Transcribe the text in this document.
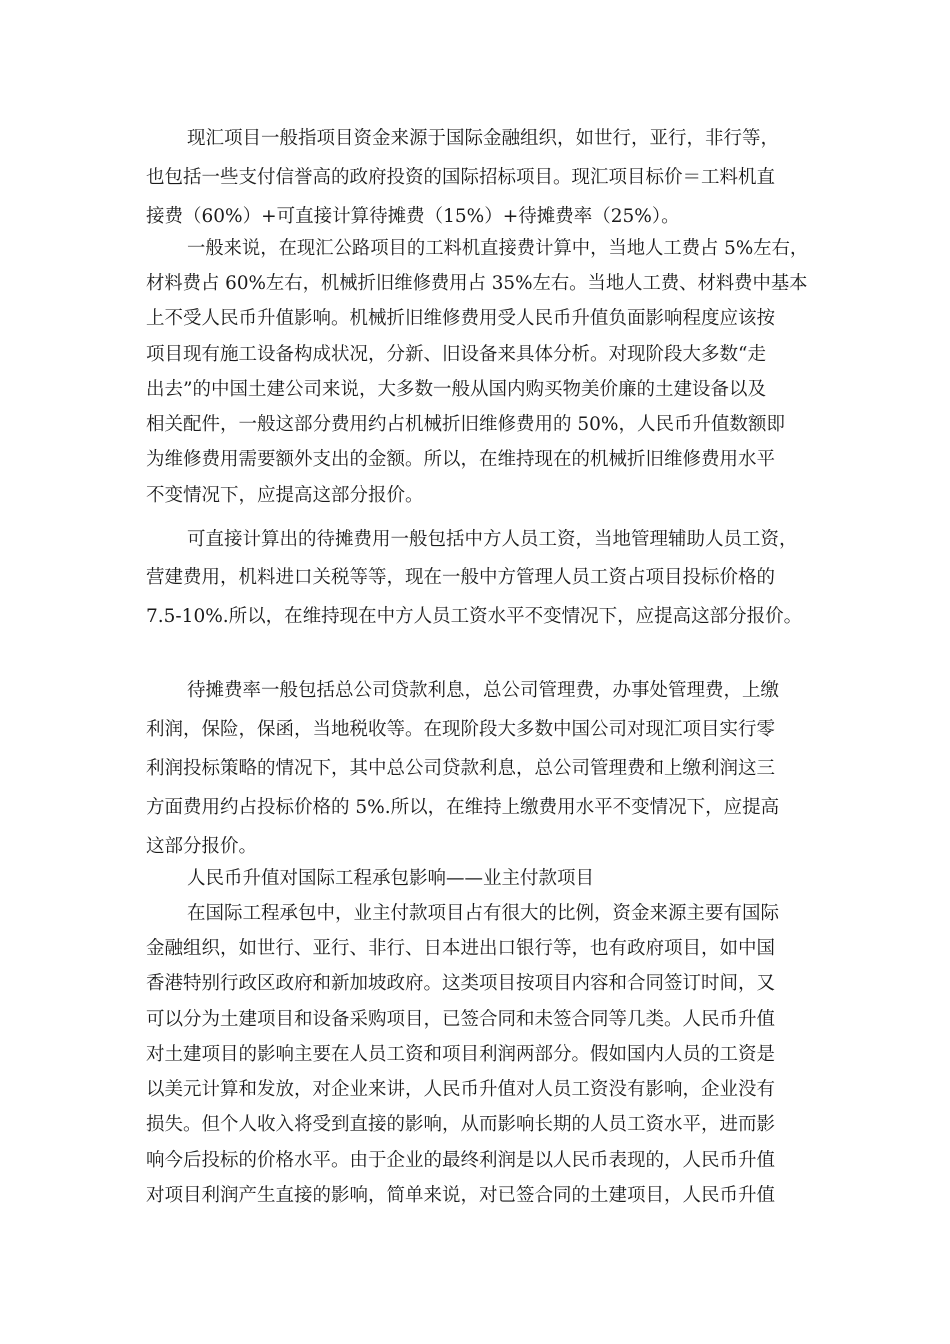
现汇项目一般指项目资金来源于国际金融组织，如世行，亚行，非行等，
也包括一些支付信誉高的政府投资的国际招标项目。现汇项目标价＝工料机直
接费（60%）+可直接计算待摊费（15%）+待摊费率（25%）。
一般来说，在现汇公路项目的工料机直接费计算中，当地人工费占 5%左右，
材料费占 60%左右，机械折旧维修费用占 35%左右。当地人工费、材料费中基本
上不受人民币升值影响。机械折旧维修费用受人民币升值负面影响程度应该按
项目现有施工设备构成状况，分新、旧设备来具体分析。对现阶段大多数“走
出去”的中国土建公司来说，大多数一般从国内购买物美价廉的土建设备以及
相关配件，一般这部分费用约占机械折旧维修费用的 50%，人民币升值数额即
为维修费用需要额外支出的金额。所以，在维持现在的机械折旧维修费用水平
不变情况下，应提高这部分报价。
可直接计算出的待摊费用一般包括中方人员工资，当地管理辅助人员工资，
营建费用，机料进口关税等等，现在一般中方管理人员工资占项目投标价格的
7.5-10%.所以，在维持现在中方人员工资水平不变情况下，应提高这部分报价。
待摊费率一般包括总公司贷款利息，总公司管理费，办事处管理费，上缴
利润，保险，保函，当地税收等。在现阶段大多数中国公司对现汇项目实行零
利润投标策略的情况下，其中总公司贷款利息，总公司管理费和上缴利润这三
方面费用约占投标价格的 5%.所以，在维持上缴费用水平不变情况下，应提高
这部分报价。
人民币升值对国际工程承包影响——业主付款项目
在国际工程承包中，业主付款项目占有很大的比例，资金来源主要有国际
金融组织，如世行、亚行、非行、日本进出口银行等，也有政府项目，如中国
香港特别行政区政府和新加坡政府。这类项目按项目内容和合同签订时间，又
可以分为土建项目和设备采购项目，已签合同和未签合同等几类。人民币升值
对土建项目的影响主要在人员工资和项目利润两部分。假如国内人员的工资是
以美元计算和发放，对企业来讲，人民币升值对人员工资没有影响，企业没有
损失。但个人收入将受到直接的影响，从而影响长期的人员工资水平，进而影
响今后投标的价格水平。由于企业的最终利润是以人民币表现的，人民币升值
对项目利润产生直接的影响，简单来说，对已签合同的土建项目，人民币升值
